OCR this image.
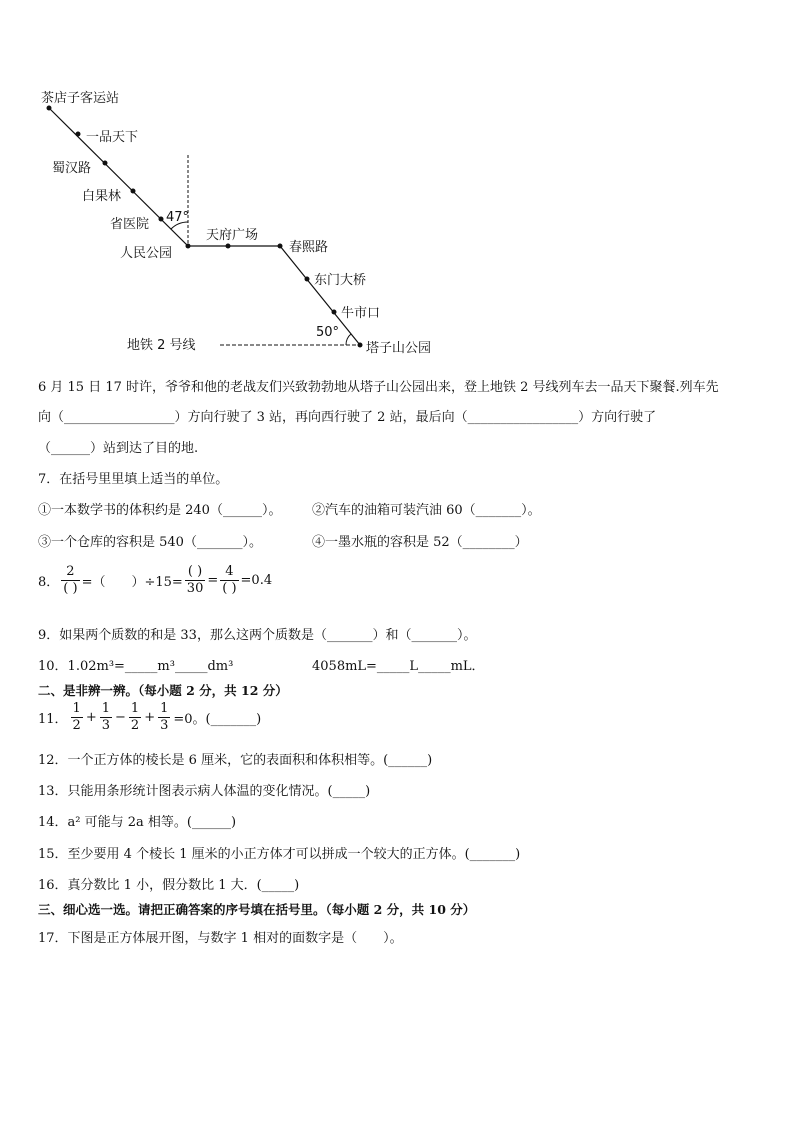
茶店子客运站
一品天下
蜀汉路
白果林
省医院 47°
天府广场
人民公园	春熙路
东门大桥
牛市口
50°
塔子山公园
地铁 2 号线
6 月 15 日 17 时许，爷爷和他的老战友们兴致勃勃地从塔子山公园出来，登上地铁 2 号线列车去一品天下聚餐.列车先
向（_________________）方向行驶了 3 站，再向西行驶了 2 站，最后向（_________________）方向行驶了
（______）站到达了目的地.
7．在括号里里填上适当的单位。
①一本数学书的体积约是 240（______）。 ②汽车的油箱可装汽油 60（_______）。
③一个仓库的容积是 540（_______）。	④一墨水瓶的容积是 52（________）
8． $\frac{2}{( )}$ =（　　）$\div 15= \frac{( )}{30} = \frac{4}{( )} =0.4$
9．如果两个质数的和是 33，那么这两个质数是（_______）和（_______）。
10．1.02m³=_____m³_____dm³	4058mL=_____L_____mL．
二、是非辨一辨。（每小题 2 分，共 12 分）
11． $\frac{1}{2} + \frac{1}{3} - \frac{1}{2} + \frac{1}{3} =0$。(_______)
12．一个正方体的棱长是 6 厘米，它的表面积和体积相等。(______)
13．只能用条形统计图表示病人体温的变化情况。(_____)
14．a² 可能与 2a 相等。(______)
15．至少要用 4 个棱长 1 厘米的小正方体才可以拼成一个较大的正方体。(_______)
16．真分数比 1 小，假分数比 1 大．(_____)
三、细心选一选。请把正确答案的序号填在括号里。（每小题 2 分，共 10 分）
17．下图是正方体展开图，与数字 1 相对的面数字是（　　）。
